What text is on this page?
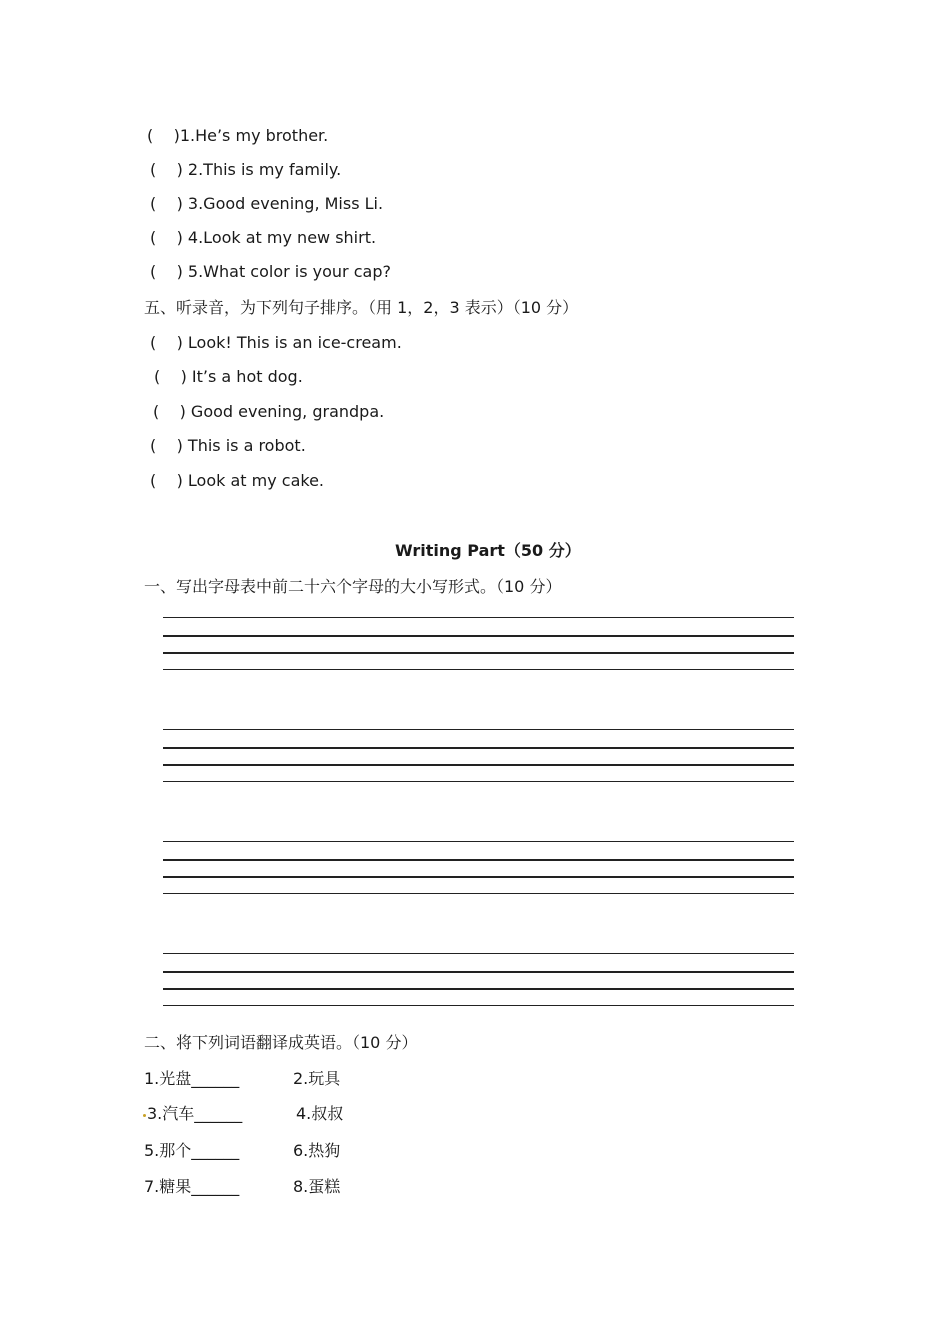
(    )1.He’s my brother.
(    ) 2.This is my family.
(    ) 3.Good evening, Miss Li.
(    ) 4.Look at my new shirt.
(    ) 5.What color is your cap?
五、听录音，为下列句子排序。（用 1，2，3 表示）（10 分）
(    ) Look! This is an ice-cream.
(    ) It’s a hot dog.
(    ) Good evening, grandpa.
(    ) This is a robot.
(    ) Look at my cake.
Writing Part（50 分）
一、写出字母表中前二十六个字母的大小写形式。（10 分）
二、将下列词语翻译成英语。（10 分）
1.光盘______	2.玩具
3.汽车______	4.叔叔
5.那个______	6.热狗
7.糖果______	8.蛋糕
